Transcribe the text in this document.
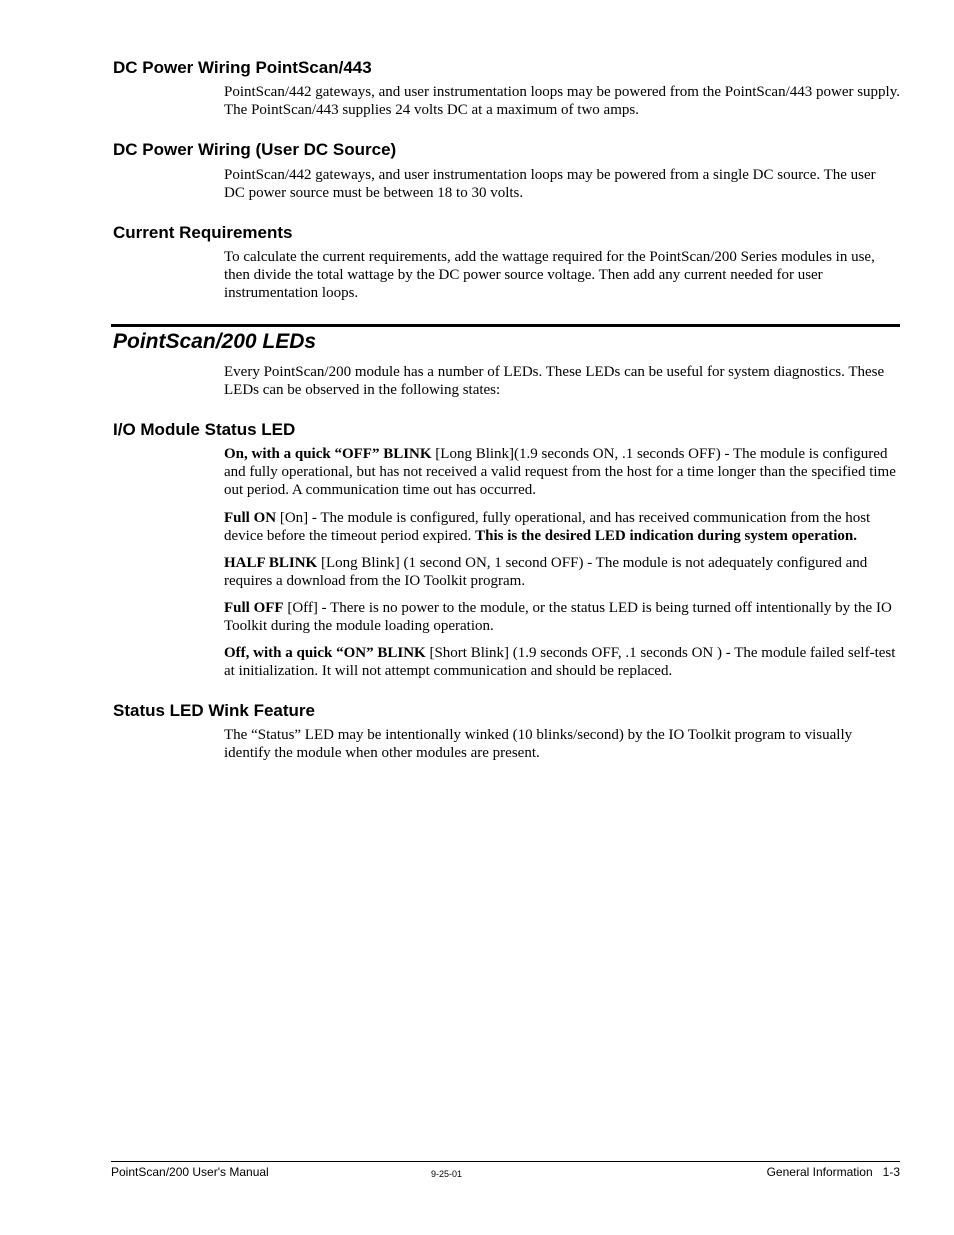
DC Power Wiring PointScan/443

PointScan/442 gateways, and user instrumentation loops may be powered from the PointScan/443 power supply. The PointScan/443 supplies 24 volts DC at a maximum of two amps.

DC Power Wiring (User DC Source)

PointScan/442 gateways, and user instrumentation loops may be powered from a single DC source. The user DC power source must be between 18 to 30 volts.

Current Requirements

To calculate the current requirements, add the wattage required for the PointScan/200 Series modules in use, then divide the total wattage by the DC power source voltage. Then add any current needed for user instrumentation loops.

PointScan/200 LEDs

Every PointScan/200 module has a number of LEDs. These LEDs can be useful for system diagnostics. These LEDs can be observed in the following states:

I/O Module Status LED

On, with a quick “OFF” BLINK [Long Blink](1.9 seconds ON, .1 seconds OFF) - The module is configured and fully operational, but has not received a valid request from the host for a time longer than the specified time out period. A communication time out has occurred.

Full ON [On] - The module is configured, fully operational, and has received communication from the host device before the timeout period expired. This is the desired LED indication during system operation.

HALF BLINK [Long Blink] (1 second ON, 1 second OFF) - The module is not adequately configured and requires a download from the IO Toolkit program.

Full OFF [Off] - There is no power to the module, or the status LED is being turned off intentionally by the IO Toolkit during the module loading operation.

Off, with a quick “ON” BLINK [Short Blink] (1.9 seconds OFF, .1 seconds ON ) - The module failed self-test at initialization. It will not attempt communication and should be replaced.

Status LED Wink Feature

The “Status” LED may be intentionally winked (10 blinks/second) by the IO Toolkit program to visually identify the module when other modules are present.

PointScan/200 User's Manual	9-25-01	General Information   1-3
